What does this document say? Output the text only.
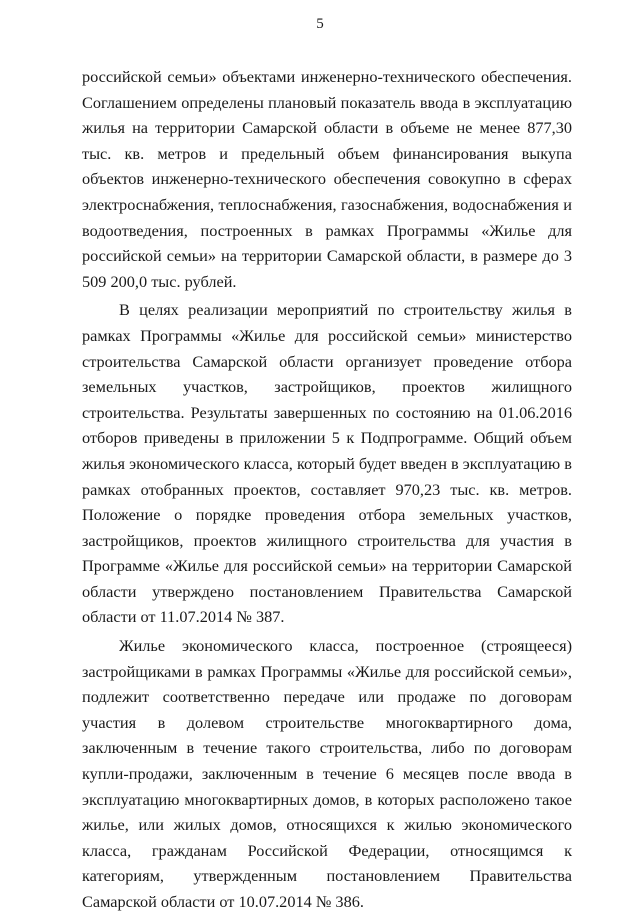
5

российской семьи» объектами инженерно-технического обеспечения. Соглашением определены плановый показатель ввода в эксплуатацию жилья на территории Самарской области в объеме не менее 877,30 тыс. кв. метров и предельный объем финансирования выкупа объектов инженерно-технического обеспечения совокупно в сферах электроснабжения, теплоснабжения, газоснабжения, водоснабжения и водоотведения, построенных в рамках Программы «Жилье для российской семьи» на территории Самарской области, в размере до 3 509 200,0 тыс. рублей.

В целях реализации мероприятий по строительству жилья в рамках Программы «Жилье для российской семьи» министерство строительства Самарской области организует проведение отбора земельных участков, застройщиков, проектов жилищного строительства. Результаты завершенных по состоянию на 01.06.2016 отборов приведены в приложении 5 к Подпрограмме. Общий объем жилья экономического класса, который будет введен в эксплуатацию в рамках отобранных проектов, составляет 970,23 тыс. кв. метров. Положение о порядке проведения отбора земельных участков, застройщиков, проектов жилищного строительства для участия в Программе «Жилье для российской семьи» на территории Самарской области утверждено постановлением Правительства Самарской области от 11.07.2014 № 387.

Жилье экономического класса, построенное (строящееся) застройщиками в рамках Программы «Жилье для российской семьи», подлежит соответственно передаче или продаже по договорам участия в долевом строительстве многоквартирного дома, заключенным в течение такого строительства, либо по договорам купли-продажи, заключенным в течение 6 месяцев после ввода в эксплуатацию многоквартирных домов, в которых расположено такое жилье, или жилых домов, относящихся к жилью экономического класса, гражданам Российской Федерации, относящимся к категориям, утвержденным постановлением Правительства Самарской области от 10.07.2014 № 386.
